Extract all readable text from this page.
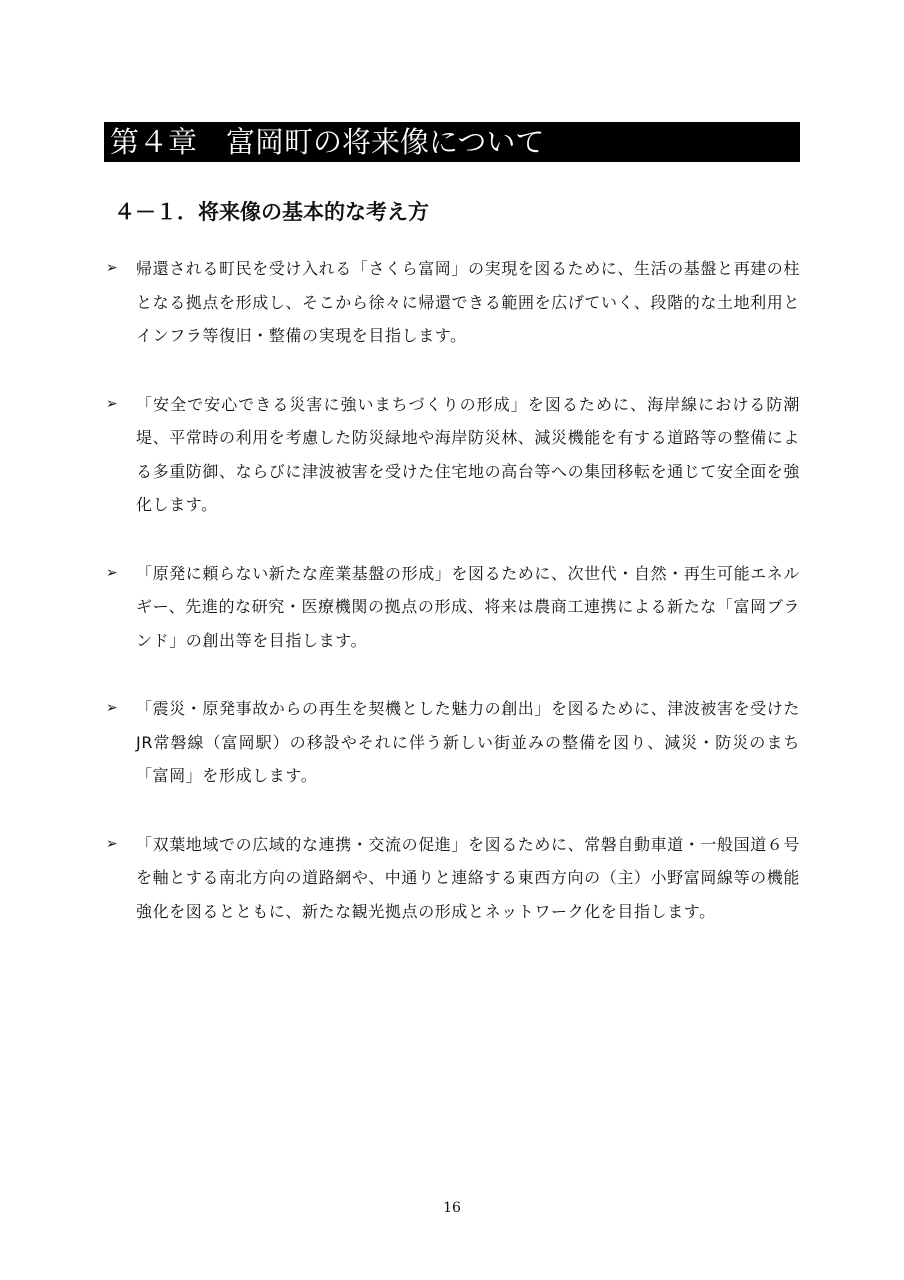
第４章　富岡町の将来像について
４－１．将来像の基本的な考え方
➢	帰還される町民を受け入れる「さくら富岡」の実現を図るために、生活の基盤と再建の柱となる拠点を形成し、そこから徐々に帰還できる範囲を広げていく、段階的な土地利用とインフラ等復旧・整備の実現を目指します。

➢	「安全で安心できる災害に強いまちづくりの形成」を図るために、海岸線における防潮堤、平常時の利用を考慮した防災緑地や海岸防災林、減災機能を有する道路等の整備による多重防御、ならびに津波被害を受けた住宅地の高台等への集団移転を通じて安全面を強化します。

➢	「原発に頼らない新たな産業基盤の形成」を図るために、次世代・自然・再生可能エネルギー、先進的な研究・医療機関の拠点の形成、将来は農商工連携による新たな「富岡ブランド」の創出等を目指します。

➢	「震災・原発事故からの再生を契機とした魅力の創出」を図るために、津波被害を受けたJR常磐線（富岡駅）の移設やそれに伴う新しい街並みの整備を図り、減災・防災のまち「富岡」を形成します。

➢	「双葉地域での広域的な連携・交流の促進」を図るために、常磐自動車道・一般国道６号を軸とする南北方向の道路網や、中通りと連絡する東西方向の（主）小野富岡線等の機能強化を図るとともに、新たな観光拠点の形成とネットワーク化を目指します。

16
